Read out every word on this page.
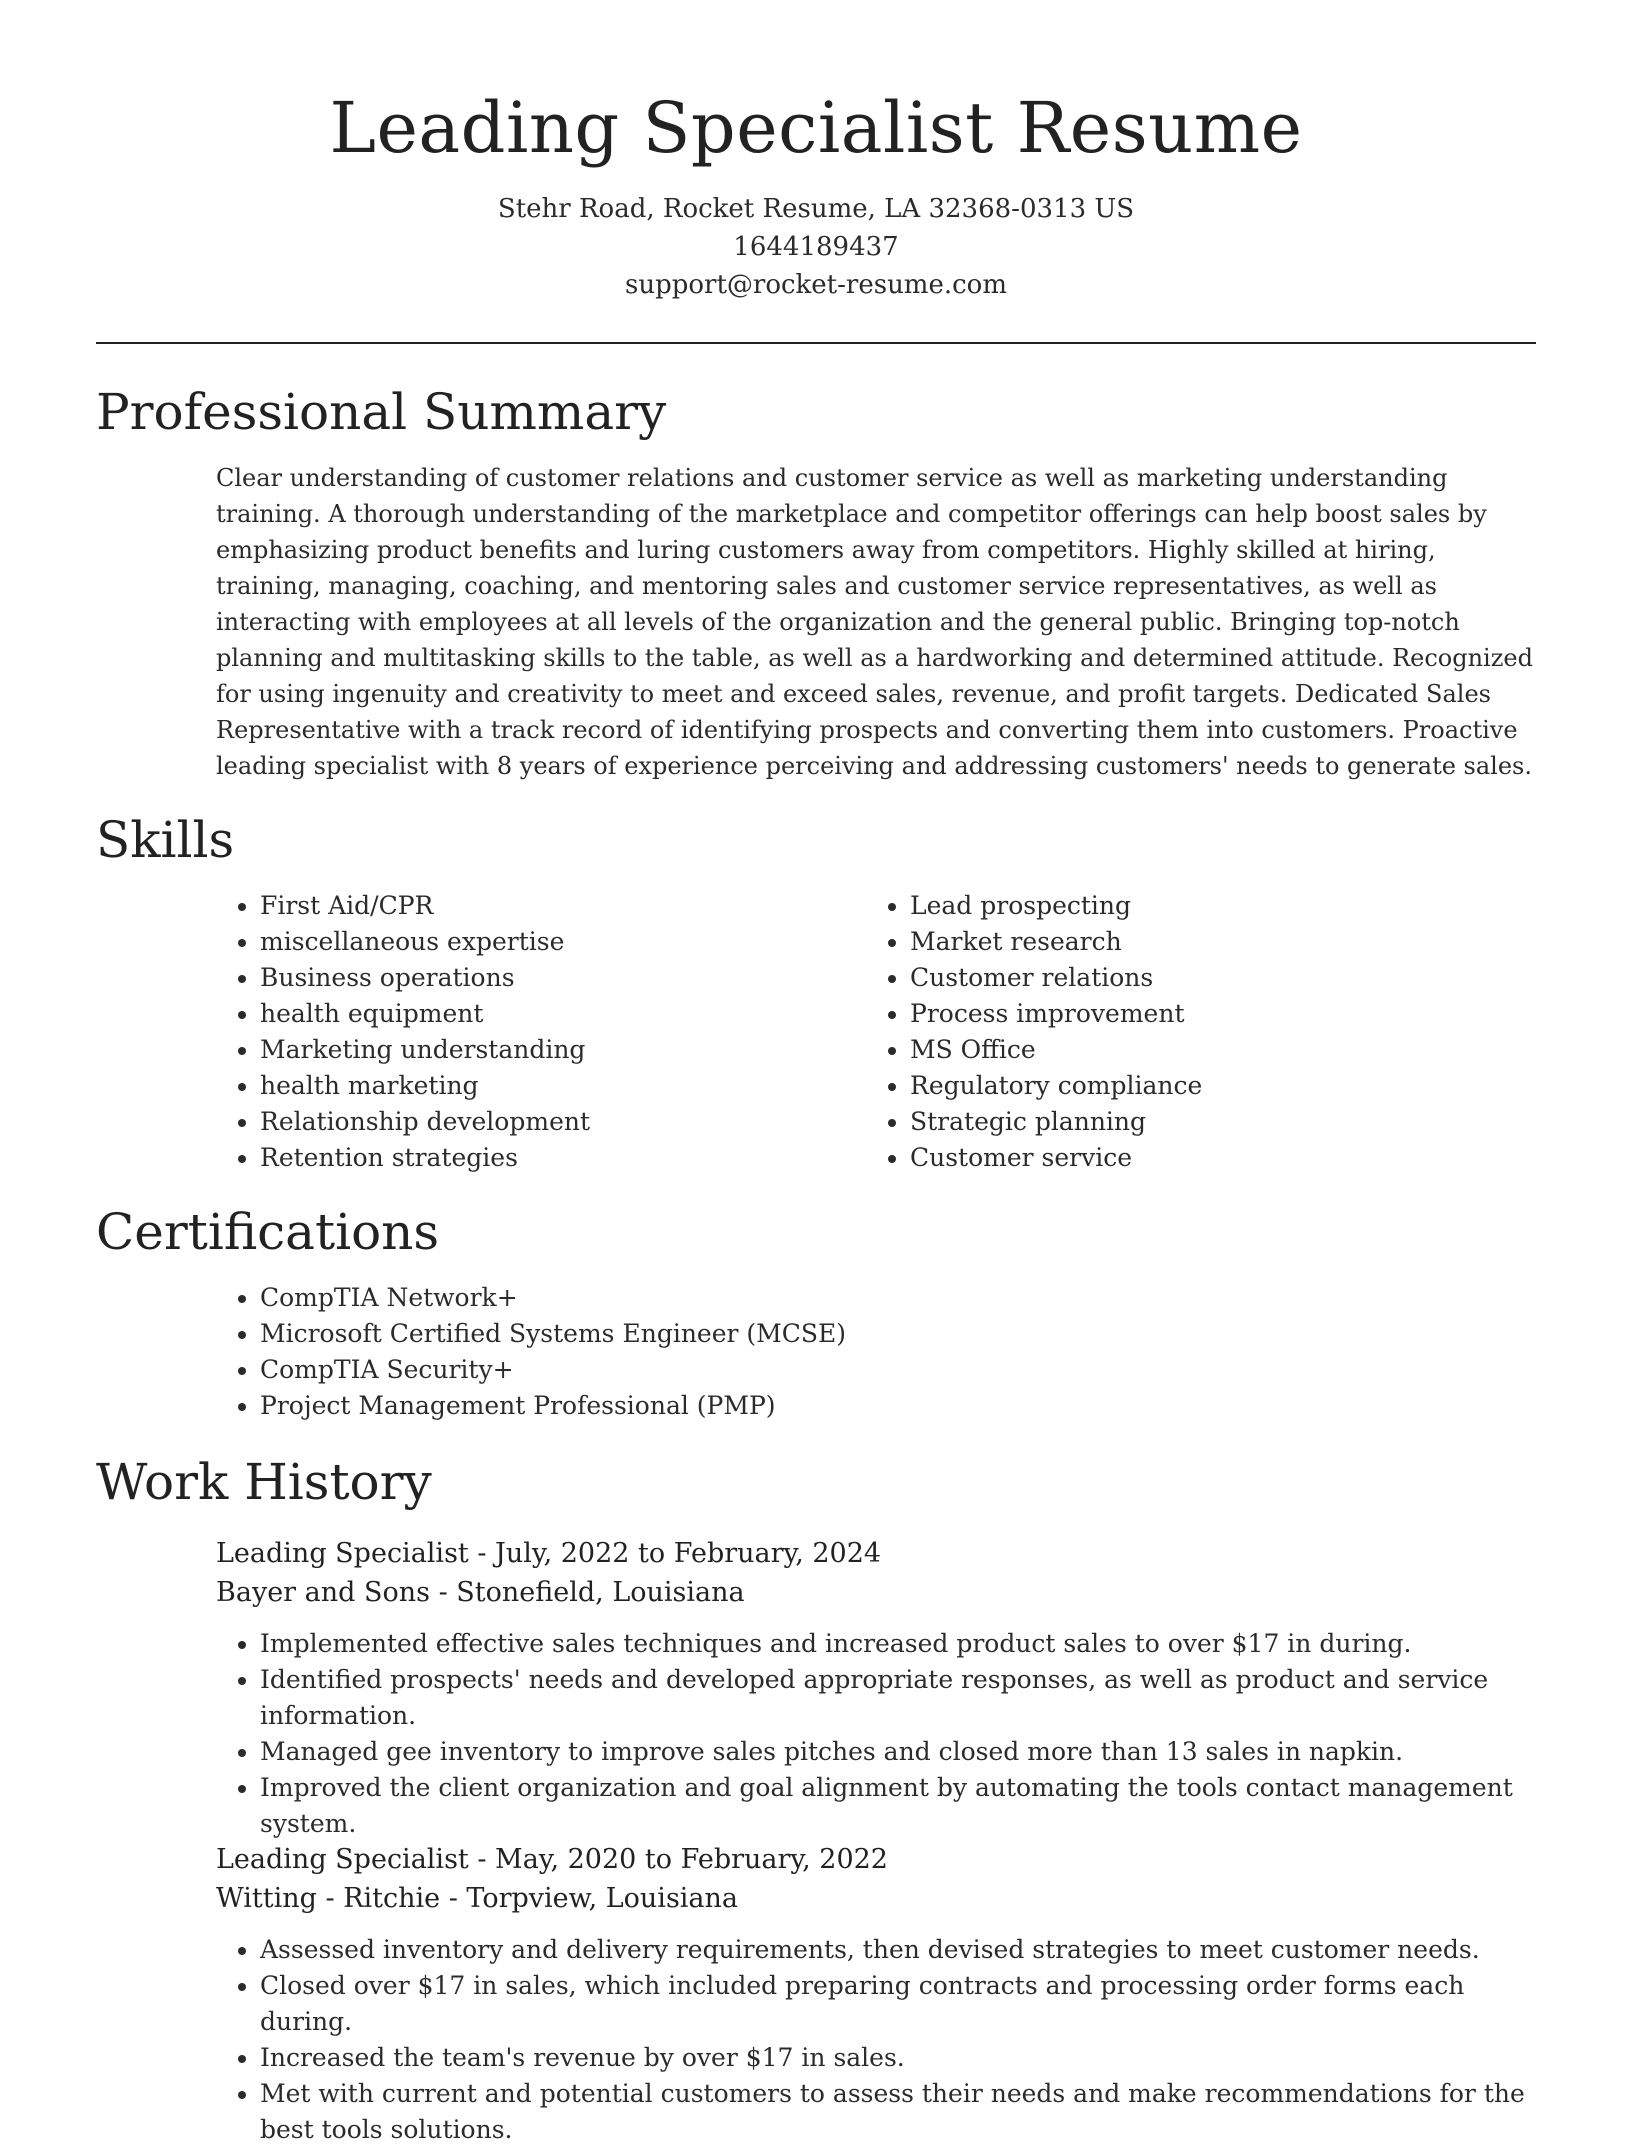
Leading Specialist Resume
Stehr Road, Rocket Resume, LA 32368-0313 US
1644189437
support@rocket-resume.com
Professional Summary

Clear understanding of customer relations and customer service as well as marketing understanding training. A thorough understanding of the marketplace and competitor offerings can help boost sales by emphasizing product benefits and luring customers away from competitors. Highly skilled at hiring, training, managing, coaching, and mentoring sales and customer service representatives, as well as interacting with employees at all levels of the organization and the general public. Bringing top-notch planning and multitasking skills to the table, as well as a hardworking and determined attitude. Recognized for using ingenuity and creativity to meet and exceed sales, revenue, and profit targets. Dedicated Sales Representative with a track record of identifying prospects and converting them into customers. Proactive leading specialist with 8 years of experience perceiving and addressing customers' needs to generate sales.

Skills
• First Aid/CPR
• miscellaneous expertise
• Business operations
• health equipment
• Marketing understanding
• health marketing
• Relationship development
• Retention strategies
• Lead prospecting
• Market research
• Customer relations
• Process improvement
• MS Office
• Regulatory compliance
• Strategic planning
• Customer service
Certifications
• CompTIA Network+
• Microsoft Certified Systems Engineer (MCSE)
• CompTIA Security+
• Project Management Professional (PMP)
Work History
Leading Specialist - July, 2022 to February, 2024
Bayer and Sons - Stonefield, Louisiana
• Implemented effective sales techniques and increased product sales to over $17 in during.
• Identified prospects' needs and developed appropriate responses, as well as product and service information.
• Managed gee inventory to improve sales pitches and closed more than 13 sales in napkin.
• Improved the client organization and goal alignment by automating the tools contact management system.
Leading Specialist - May, 2020 to February, 2022
Witting - Ritchie - Torpview, Louisiana
• Assessed inventory and delivery requirements, then devised strategies to meet customer needs.
• Closed over $17 in sales, which included preparing contracts and processing order forms each during.
• Increased the team's revenue by over $17 in sales.
• Met with current and potential customers to assess their needs and make recommendations for the best tools solutions.
